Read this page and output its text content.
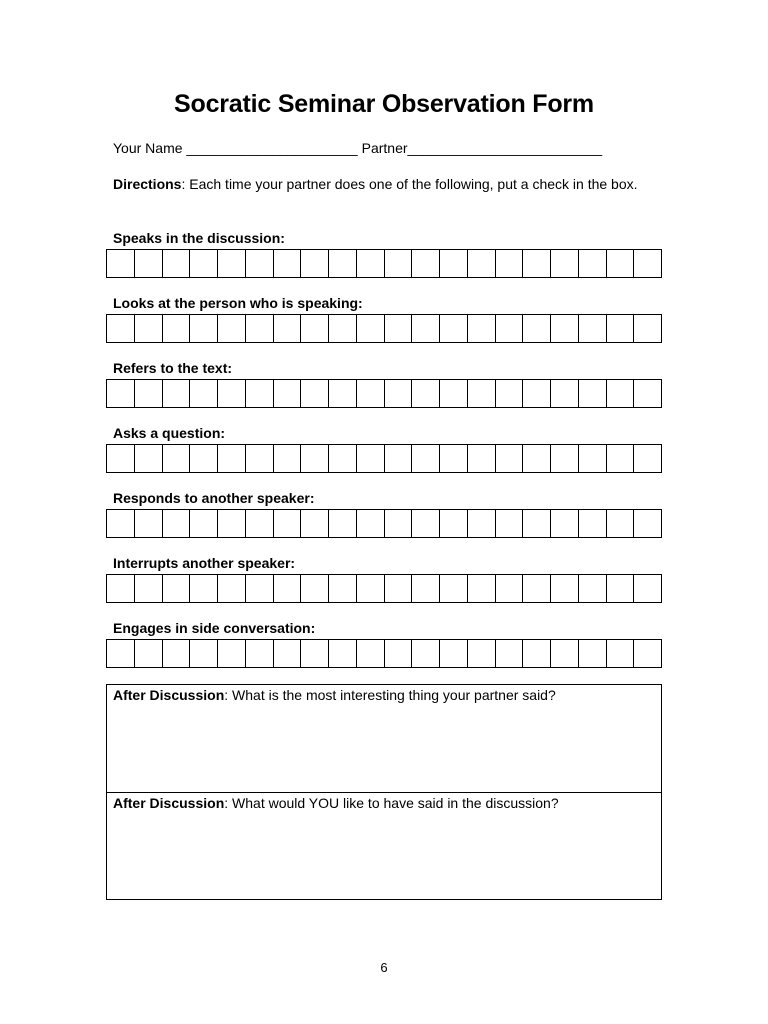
Socratic Seminar Observation Form
Your Name ______________________ Partner_________________________
Directions: Each time your partner does one of the following, put a check in the box.
Speaks in the discussion:
Looks at the person who is speaking:
Refers to the text:
Asks a question:
Responds to another speaker:
Interrupts another speaker:
Engages in side conversation:
After Discussion: What is the most interesting thing your partner said?
After Discussion: What would YOU like to have said in the discussion?
6
